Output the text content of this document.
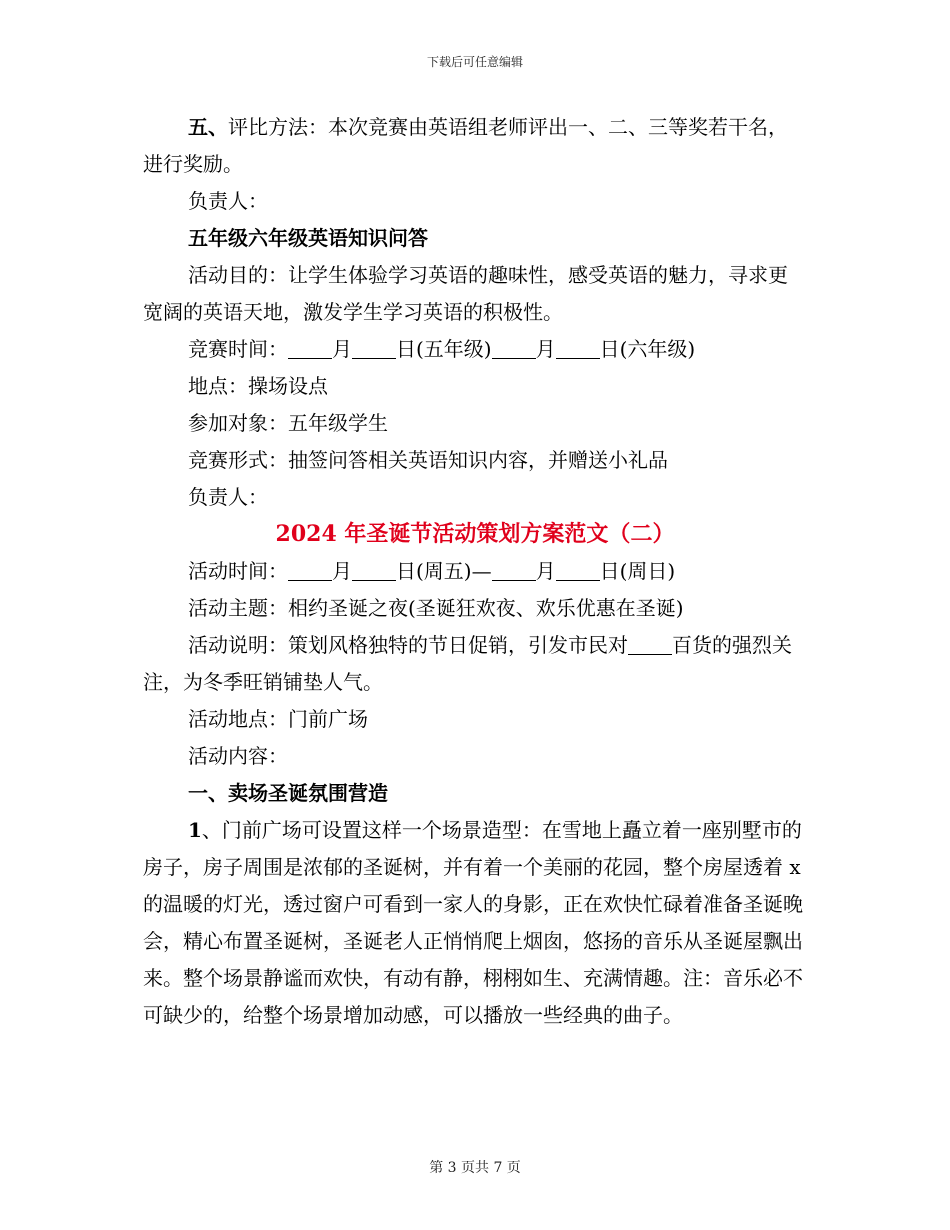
下载后可任意编辑

五、评比方法：本次竞赛由英语组老师评出一、二、三等奖若干名，进行奖励。

负责人：

五年级六年级英语知识问答

活动目的：让学生体验学习英语的趣味性，感受英语的魅力，寻求更宽阔的英语天地，激发学生学习英语的积极性。

竞赛时间： 月 日(五年级) 月 日(六年级)

地点：操场设点

参加对象：五年级学生

竞赛形式：抽签问答相关英语知识内容，并赠送小礼品

负责人：

2024 年圣诞节活动策划方案范文（二）

活动时间： 月 日(周五)— 月 日(周日)

活动主题：相约圣诞之夜(圣诞狂欢夜、欢乐优惠在圣诞)

活动说明：策划风格独特的节日促销，引发市民对 百货的强烈关注，为冬季旺销铺垫人气。

活动地点：门前广场

活动内容：

一、卖场圣诞氛围营造

1、门前广场可设置这样一个场景造型：在雪地上矗立着一座别墅市的房子，房子周围是浓郁的圣诞树，并有着一个美丽的花园，整个房屋透着 x 的温暖的灯光，透过窗户可看到一家人的身影，正在欢快忙碌着准备圣诞晚会，精心布置圣诞树，圣诞老人正悄悄爬上烟囱，悠扬的音乐从圣诞屋飘出来。整个场景静谧而欢快，有动有静，栩栩如生、充满情趣。注：音乐必不可缺少的，给整个场景增加动感，可以播放一些经典的曲子。

第 3 页共 7 页
